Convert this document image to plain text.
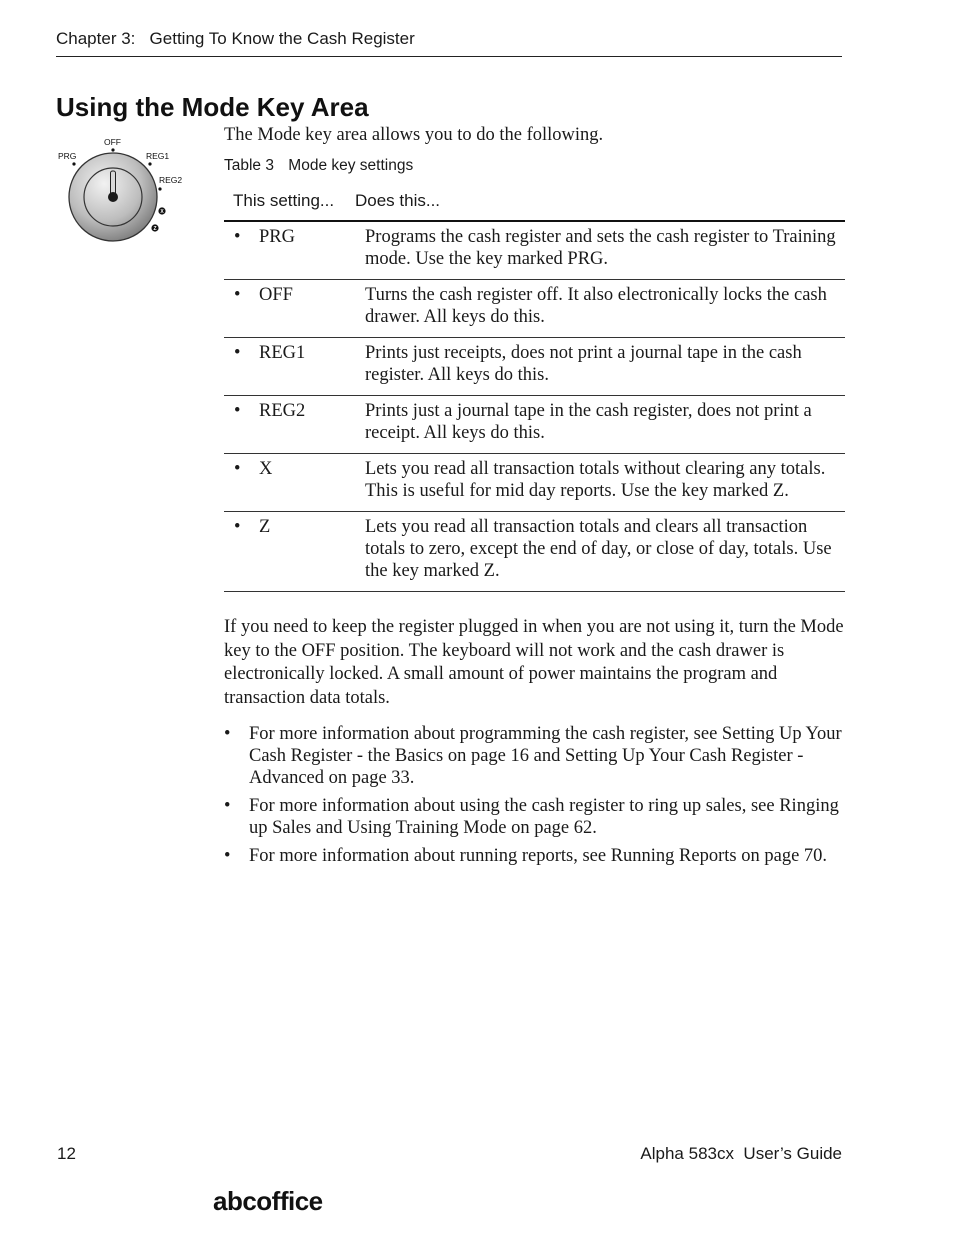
Chapter 3:   Getting To Know the Cash Register
Using the Mode Key Area
OFF
PRG	REG1
REG2
X
Z
The Mode key area allows you to do the following.
Table 3 Mode key settings
This setting...	Does this...
•	PRG	Programs the cash register and sets the cash register to Training mode. Use the key marked PRG.
•	OFF	Turns the cash register off. It also electronically locks the cash drawer. All keys do this.
•	REG1	Prints just receipts, does not print a journal tape in the cash register. All keys do this.
•	REG2	Prints just a journal tape in the cash register, does not print a receipt. All keys do this.
•	X	Lets you read all transaction totals without clearing any totals. This is useful for mid day reports. Use the key marked Z.
•	Z	Lets you read all transaction totals and clears all transaction totals to zero, except the end of day, or close of day, totals. Use the key marked Z.

If you need to keep the register plugged in when you are not using it, turn the Mode key to the OFF position. The keyboard will not work and the cash drawer is electronically locked. A small amount of power maintains the program and transaction data totals.

•	For more information about programming the cash register, see Setting Up Your Cash Register - the Basics on page 16 and Setting Up Your Cash Register - Advanced on page 33.
•	For more information about using the cash register to ring up sales, see Ringing up Sales and Using Training Mode on page 62.
•	For more information about running reports, see Running Reports on page 70.
12	Alpha 583cx  User’s Guide
abcoffice
